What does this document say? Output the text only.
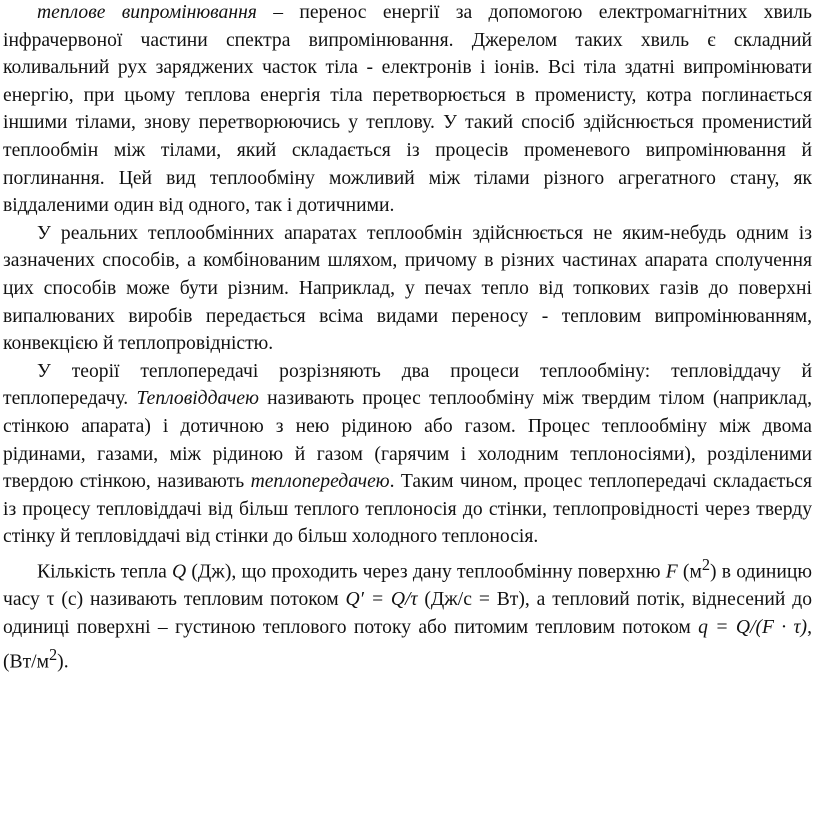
теплове випромінювання – перенос енергії за допомогою електромагнітних хвиль інфрачервоної частини спектра випромінювання. Джерелом таких хвиль є складний коливальний рух заряджених часток тіла - електронів і іонів. Всі тіла здатні випромінювати енергію, при цьому теплова енергія тіла перетворюється в променисту, котра поглинається іншими тілами, знову перетворюючись у теплову. У такий спосіб здійснюється променистий теплообмін між тілами, який складається із процесів променевого випромінювання й поглинання. Цей вид теплообміну можливий між тілами різного агрегатного стану, як віддаленими один від одного, так і дотичними.

У реальних теплообмінних апаратах теплообмін здійснюється не яким-небудь одним із зазначених способів, а комбінованим шляхом, причому в різних частинах апарата сполучення цих способів може бути різним. Наприклад, у печах тепло від топкових газів до поверхні випалюваних виробів передається всіма видами переносу - тепловим випромінюванням, конвекцією й теплопровідністю.

У теорії теплопередачі розрізняють два процеси теплообміну: тепловіддачу й теплопередачу. Тепловіддачею називають процес теплообміну між твердим тілом (наприклад, стінкою апарата) і дотичною з нею рідиною або газом. Процес теплообміну між двома рідинами, газами, між рідиною й газом (гарячим і холодним теплоносіями), розділеними твердою стінкою, називають теплопередачею. Таким чином, процес теплопередачі складається із процесу тепловіддачі від більш теплого теплоносія до стінки, теплопровідності через тверду стінку й тепловіддачі від стінки до більш холодного теплоносія.

Кількість тепла Q (Дж), що проходить через дану теплообмінну поверхню F $(м^2)$ в одиницю часу τ (с) називають тепловим потоком Q′ = Q/τ (Дж/с = Вт), а тепловий потік, віднесений до одиниці поверхні – густиною теплового потоку або питомим тепловим потоком q = Q/(F · τ), $(Вт/м^2)$.
